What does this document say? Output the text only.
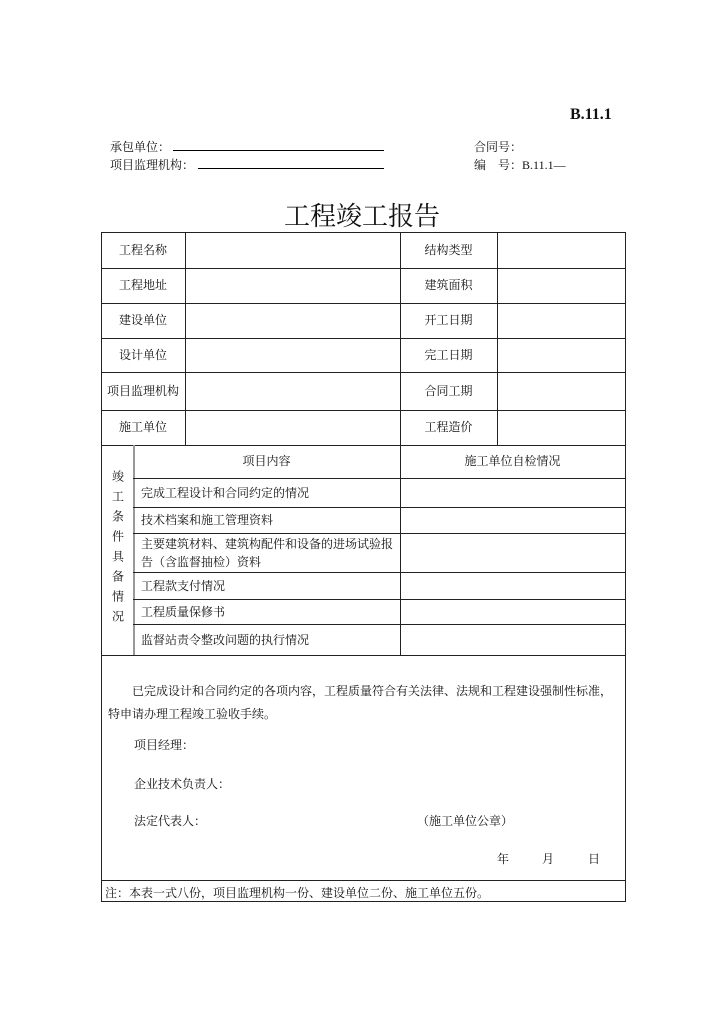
B.11.1
承包单位：
项目监理机构：
合同号：
编　号：B.11.1—
工程竣工报告
工程名称	结构类型
工程地址	建筑面积
建设单位	开工日期
设计单位	完工日期
项目监理机构	合同工期
施工单位	工程造价
竣工条件具备情况
项目内容	施工单位自检情况
完成工程设计和合同约定的情况
技术档案和施工管理资料
主要建筑材料、建筑构配件和设备的进场试验报告（含监督抽检）资料
工程款支付情况
工程质量保修书
监督站责令整改问题的执行情况
已完成设计和合同约定的各项内容，工程质量符合有关法律、法规和工程建设强制性标准，特申请办理工程竣工验收手续。
项目经理：
企业技术负责人：
法定代表人：	（施工单位公章）
年	月	日
注：本表一式八份，项目监理机构一份、建设单位二份、施工单位五份。
